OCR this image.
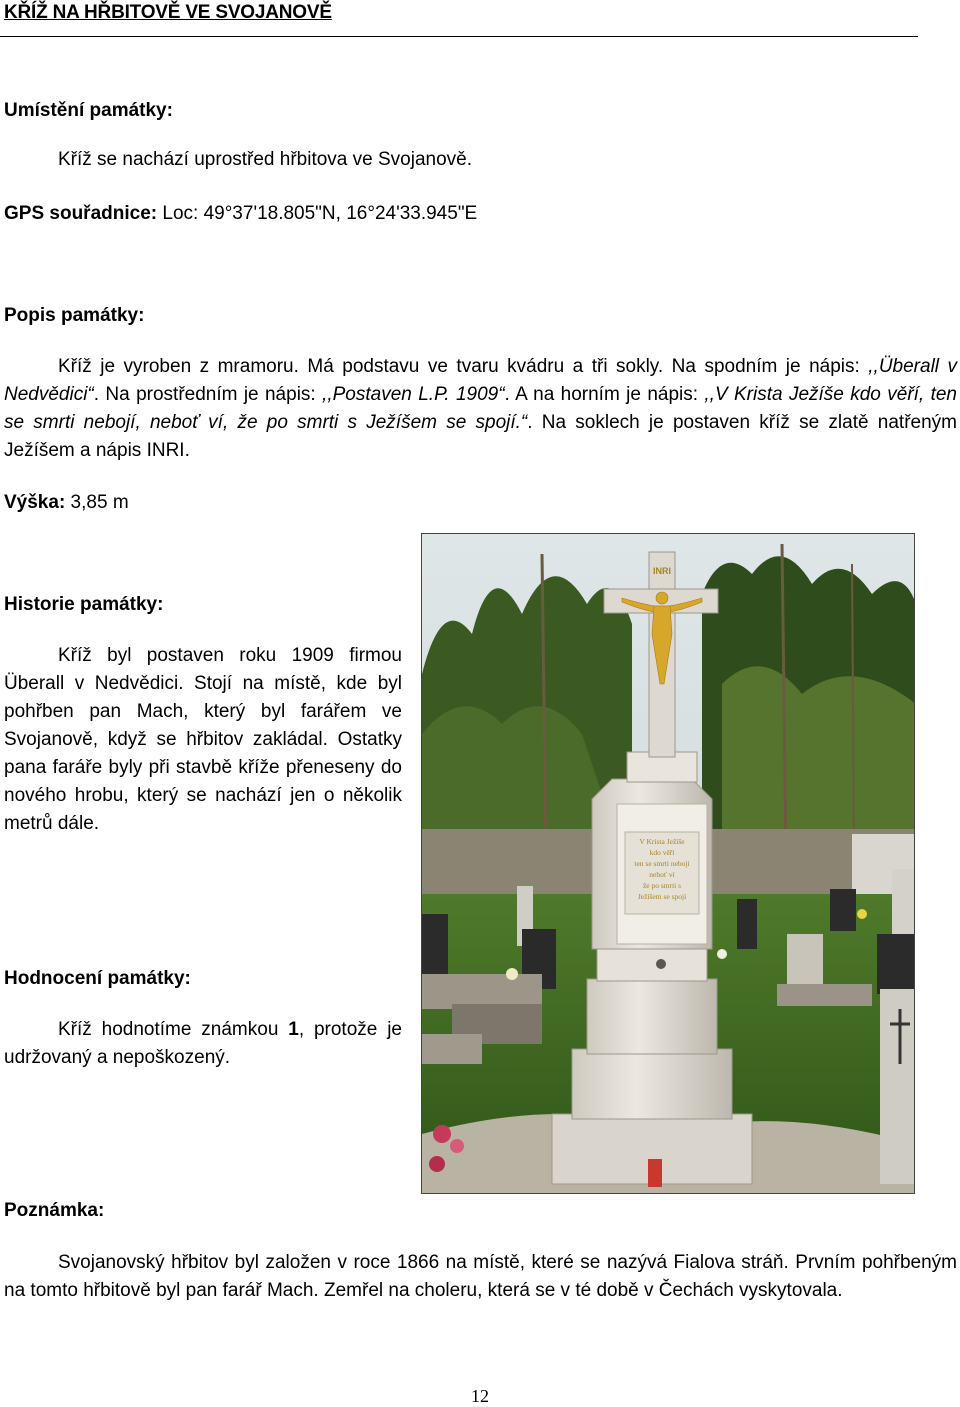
KŘÍŽ NA HŘBITOVĚ VE SVOJANOVĚ
Umístění památky:
Kříž se nachází uprostřed hřbitova ve Svojanově.
GPS souřadnice: Loc: 49°37'18.805"N, 16°24'33.945"E
Popis památky:
Kříž je vyroben z mramoru. Má podstavu ve tvaru kvádru a tři sokly. Na spodním je nápis: ,,Überall v Nedvědici“. Na prostředním je nápis: ,,Postaven L.P. 1909“. A na horním je nápis: ,,V Krista Ježíše kdo věří, ten se smrti nebojí, neboť ví, že po smrti s Ježíšem se spojí.“. Na soklech je postaven kříž se zlatě natřeným Ježíšem a nápis INRI.
Výška: 3,85 m
Historie památky:
Kříž byl postaven roku 1909 firmou Überall v Nedvědici. Stojí na místě, kde byl pohřben pan Mach, který byl farářem ve Svojanově, když se hřbitov zakládal. Ostatky pana faráře byly při stavbě kříže přeneseny do nového hrobu, který se nachází jen o několik metrů dále.
Hodnocení památky:
Kříž hodnotíme známkou 1, protože je udržovaný a nepoškozený.
Poznámka:
Svojanovský hřbitov byl založen v roce 1866 na místě, které se nazývá Fialova stráň. Prvním pohřbeným na tomto hřbitově byl pan farář Mach. Zemřel na choleru, která se v té době v Čechách vyskytovala.
V Krista Ježíše
kdo věří
ten se smrti nebojí
neboť ví
že po smrti s
Ježíšem se spojí
INRI
12
